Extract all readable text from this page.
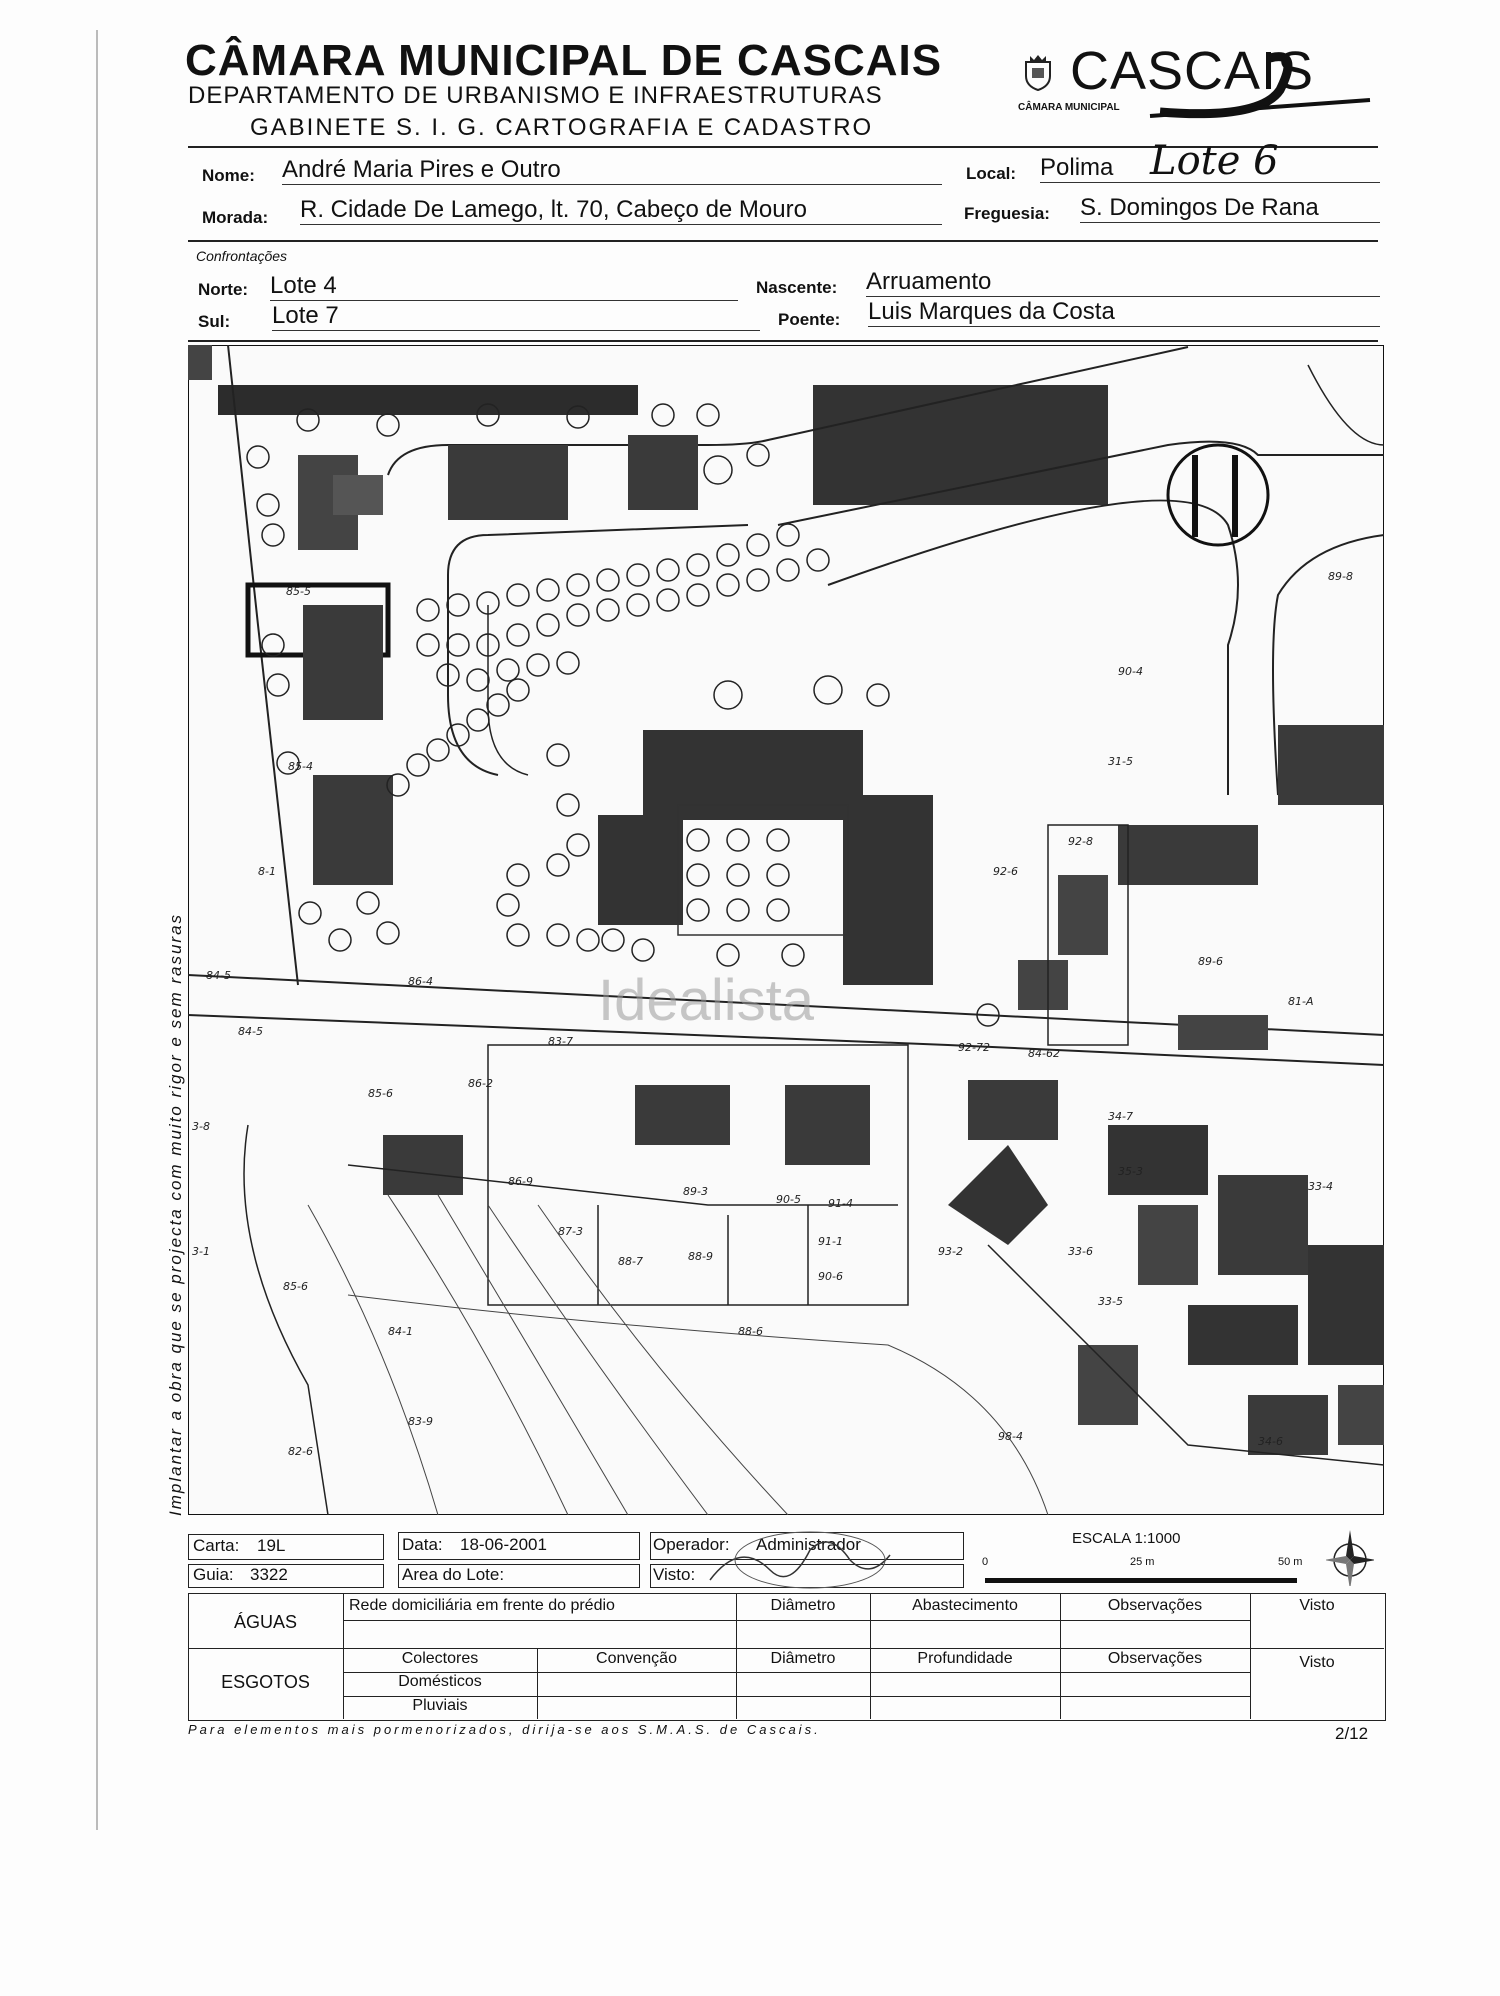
CÂMARA MUNICIPAL DE CASCAIS
DEPARTAMENTO DE URBANISMO E INFRAESTRUTURAS
GABINETE S. I. G. CARTOGRAFIA E CADASTRO
CASCAIS
CÂMARA MUNICIPAL
Nome: André Maria Pires e Outro	Local: Polima Lote 6
Morada: R. Cidade De Lamego, lt. 70, Cabeço de Mouro	Freguesia: S. Domingos De Rana
Confrontações
Norte: Lote 4	Nascente: Arruamento
Sul: Lote 7	Poente: Luis Marques da Costa
Implantar a obra que se projecta com muito rigor e sem rasuras
85-5
85-4
84-5	86-4
84-5
85-6
86-2
83-7
89-3
90-5 91-4
91-1
90-6
88-7	88-9
86-9
87-3
88-6
84-1
83-9
82-6
85-6
3-1
3-8
92-6
92-8
90-4
31-5
89-8
92-72	84-62
34-7
35-3
33-6
33-5
33-4
34-6
81-A
93-2
98-4
89-6
8-1
Idealista
Carta: 19L	Data: 18-06-2001	Operador: Administrador
Guia: 3322	Area do Lote:	Visto:
ESCALA 1:1000
0	25 m	50 m
ÁGUAS
Rede domiciliária em frente do prédio	Diâmetro	Abastecimento	Observações	Visto
ESGOTOS
Colectores	Convenção	Diâmetro	Profundidade	Observações	Visto
Domésticos
Pluviais
Para elementos mais pormenorizados, dirija-se aos S.M.A.S. de Cascais.	2/12
